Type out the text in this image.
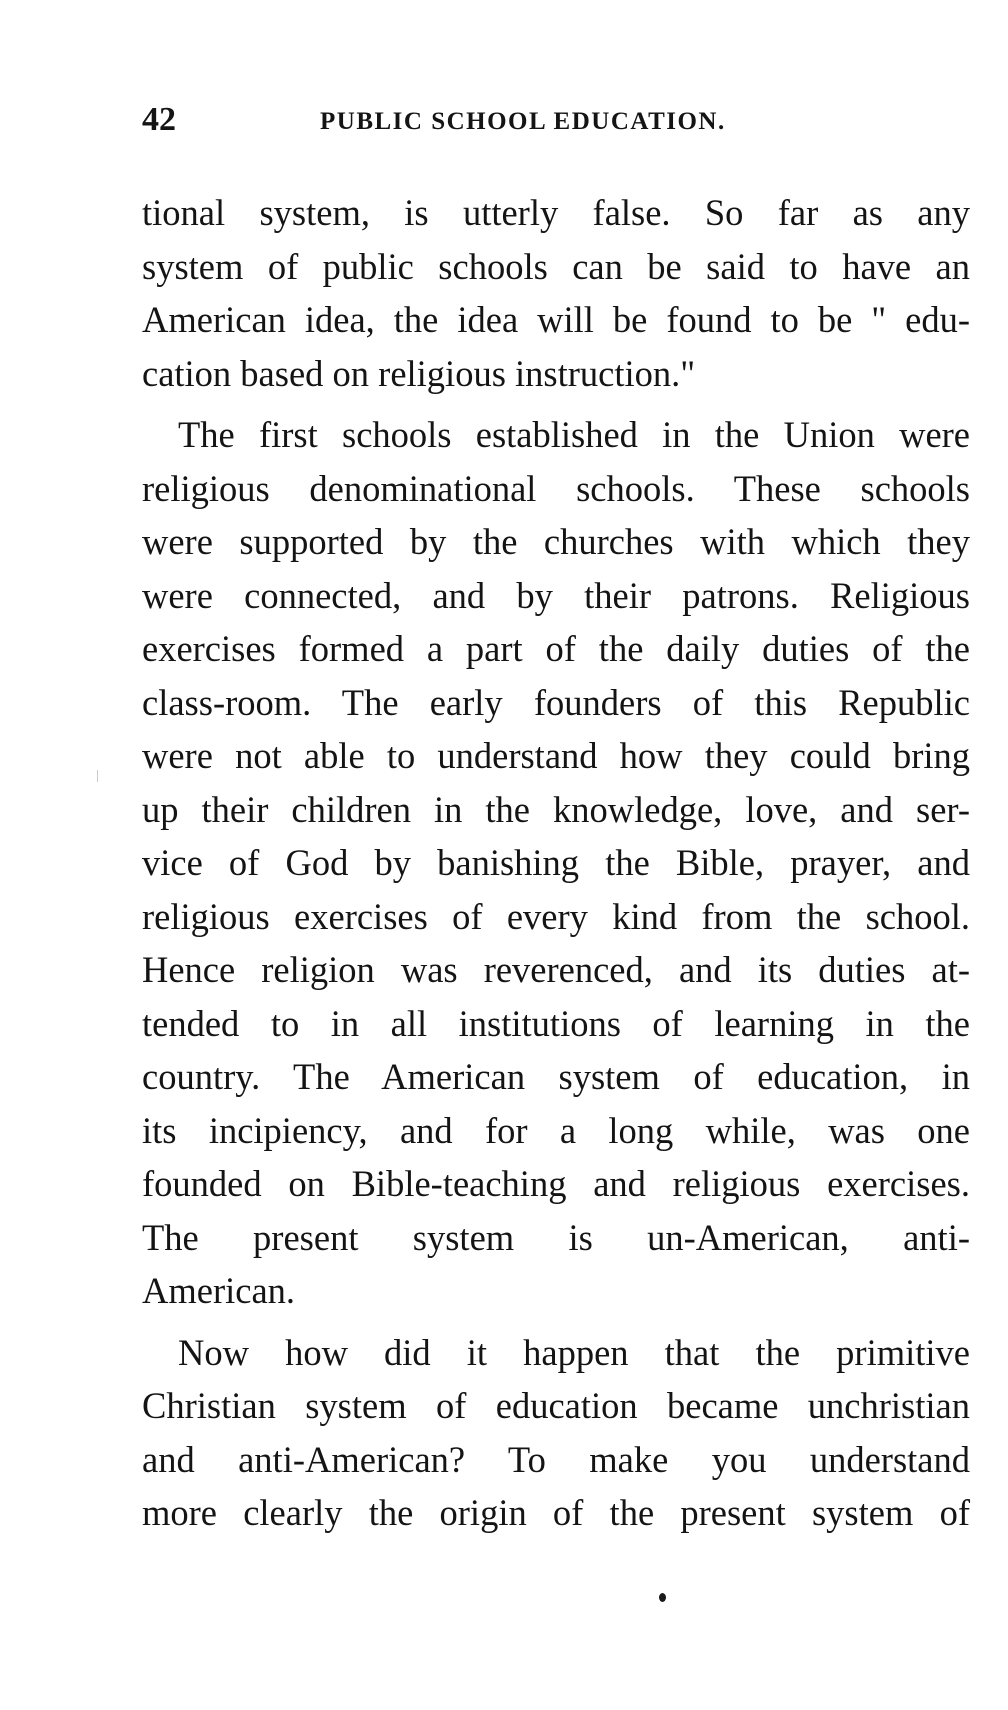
42	PUBLIC SCHOOL EDUCATION.
tional system, is utterly false. So far as any
system of public schools can be said to have an
American idea, the idea will be found to be " edu-
cation based on religious instruction."
The first schools established in the Union were
religious denominational schools. These schools
were supported by the churches with which they
were connected, and by their patrons. Religious
exercises formed a part of the daily duties of the
class-room. The early founders of this Republic
were not able to understand how they could bring
up their children in the knowledge, love, and ser-
vice of God by banishing the Bible, prayer, and
religious exercises of every kind from the school.
Hence religion was reverenced, and its duties at-
tended to in all institutions of learning in the
country. The American system of education, in
its incipiency, and for a long while, was one
founded on Bible-teaching and religious exercises.
The present system is un-American, anti-
American.
Now how did it happen that the primitive
Christian system of education became unchristian
and anti-American? To make you understand
more clearly the origin of the present system of
